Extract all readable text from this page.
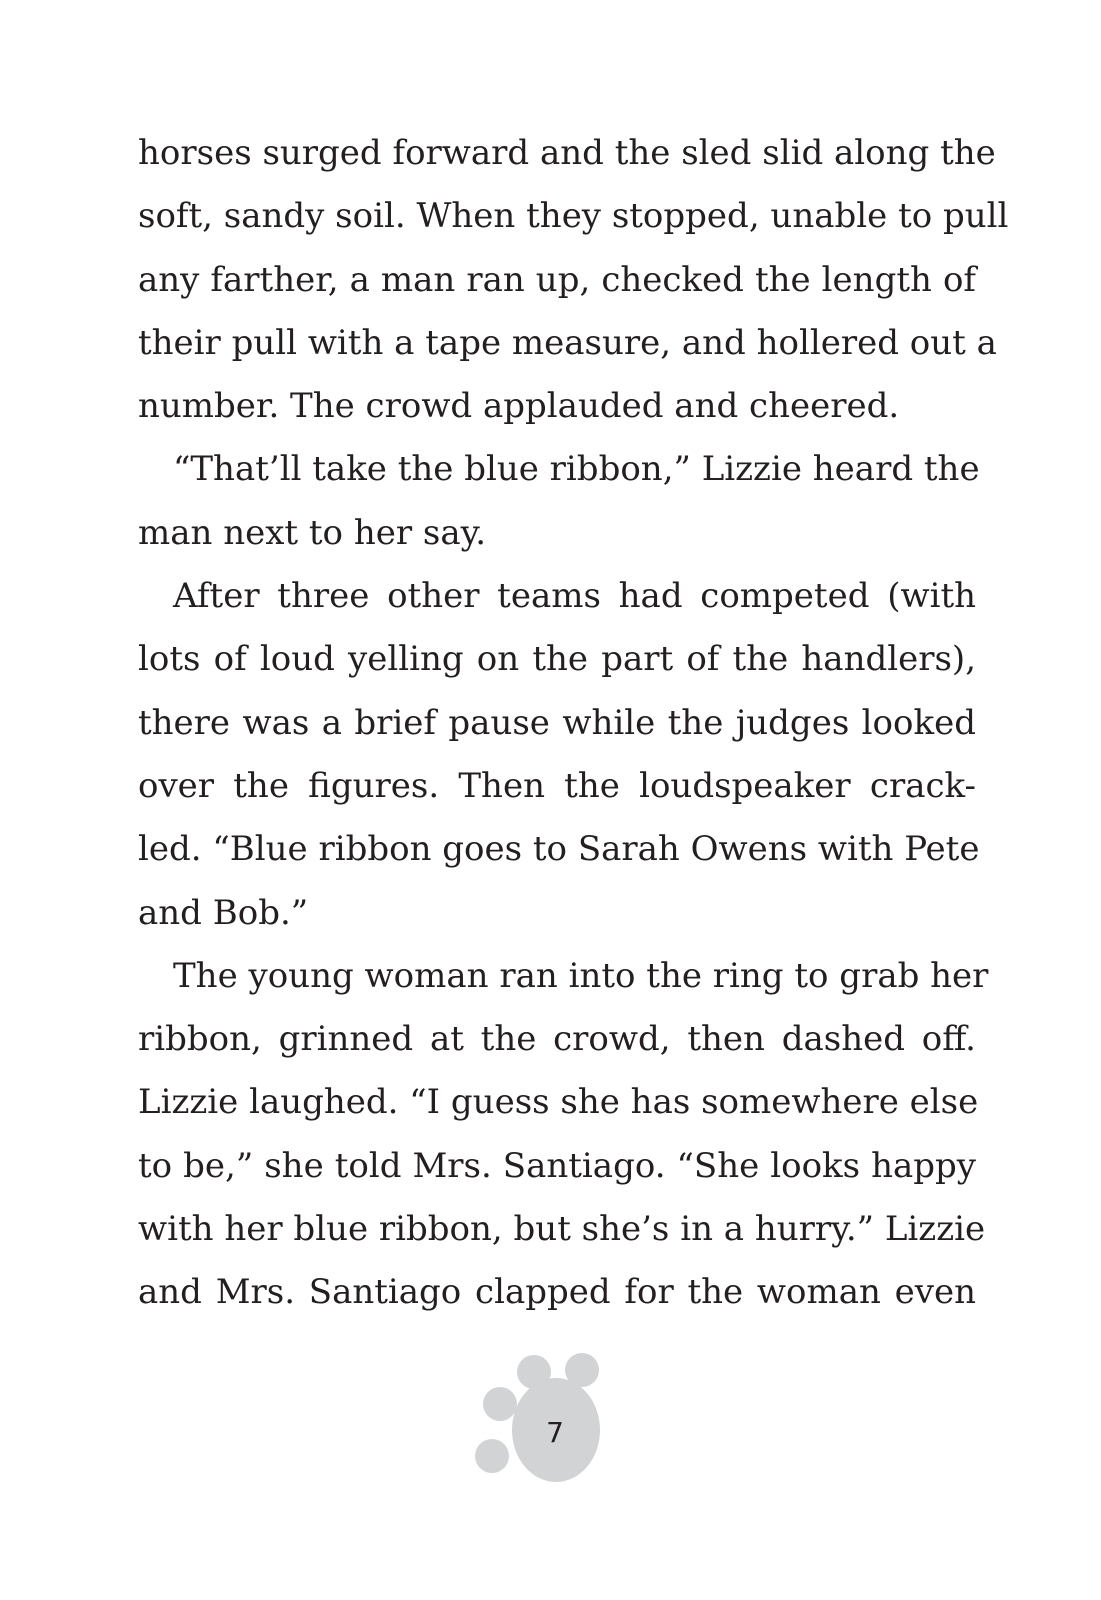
horses surged forward and the sled slid along the
soft, sandy soil. When they stopped, unable to pull
any farther, a man ran up, checked the length of
their pull with a tape measure, and hollered out a
number. The crowd applauded and cheered.
“That’ll take the blue ribbon,” Lizzie heard the
man next to her say.
After three other teams had competed (with
lots of loud yelling on the part of the handlers),
there was a brief pause while the judges looked
over the figures. Then the loudspeaker crack-
led. “Blue ribbon goes to Sarah Owens with Pete
and Bob.”
The young woman ran into the ring to grab her
ribbon, grinned at the crowd, then dashed off.
Lizzie laughed. “I guess she has somewhere else
to be,” she told Mrs. Santiago. “She looks happy
with her blue ribbon, but she’s in a hurry.” Lizzie
and Mrs. Santiago clapped for the woman even
7
